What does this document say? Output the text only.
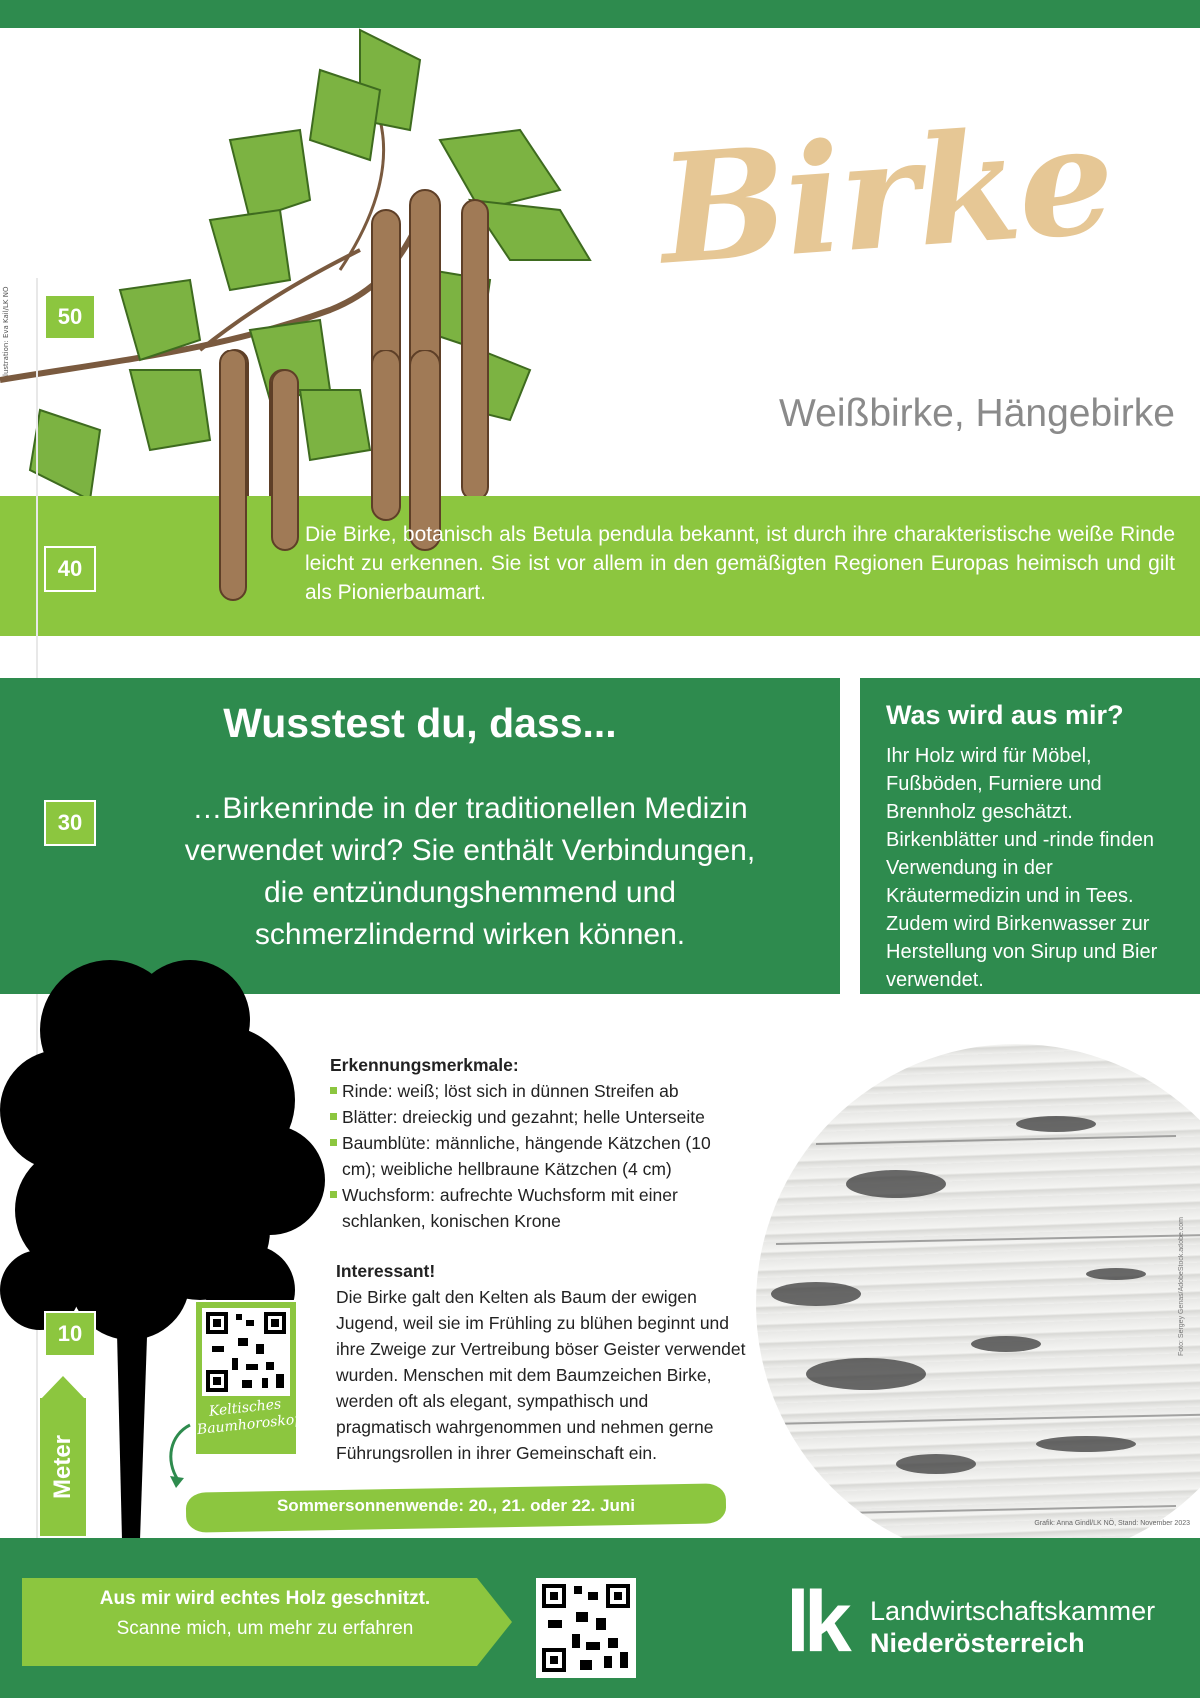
Illustration: Eva Kail/LK NÖ
Birke
Weißbirke, Hängebirke

Die Birke, botanisch als Betula pendula bekannt, ist durch ihre charakteristische weiße Rinde leicht zu erkennen. Sie ist vor allem in den gemäßigten Regionen Europas heimisch und gilt als Pionierbaumart.

50
40
30
Wusstest du, dass...

…Birkenrinde in der traditionellen Medizin verwendet wird? Sie enthält Verbindungen, die entzündungshemmend und schmerzlindernd wirken können.

Was wird aus mir?

Ihr Holz wird für Möbel, Fußböden, Furniere und Brennholz geschätzt. Birkenblätter und -rinde finden Verwendung in der Kräutermedizin und in Tees. Zudem wird Birkenwasser zur Herstellung von Sirup und Bier verwendet.

10
Meter
Erkennungsmerkmale:
Rinde: weiß; löst sich in dünnen Streifen ab
Blätter: dreieckig und gezahnt; helle Unterseite
Baumblüte: männliche, hängende Kätzchen (10 cm); weibliche hellbraune Kätzchen (4 cm)
Wuchsform: aufrechte Wuchsform mit einer schlanken, konischen Krone
Interessant!

Die Birke galt den Kelten als Baum der ewigen Jugend, weil sie im Frühling zu blühen beginnt und ihre Zweige zur Vertreibung böser Geister verwendet wurden. Menschen mit dem Baumzeichen Birke, werden oft als elegant, sympathisch und pragmatisch wahrgenommen und nehmen gerne Führungsrollen in ihrer Gemeinschaft ein.

Keltisches Baumhoroskop
Sommersonnenwende: 20., 21. oder 22. Juni
Foto: Sergey Genas/AdobeStock.adobe.com
Grafik: Anna Gindl/LK NÖ, Stand: November 2023
Aus mir wird echtes Holz geschnitzt.
Scanne mich, um mehr zu erfahren	lk Landwirtschaftskammer
Niederösterreich
